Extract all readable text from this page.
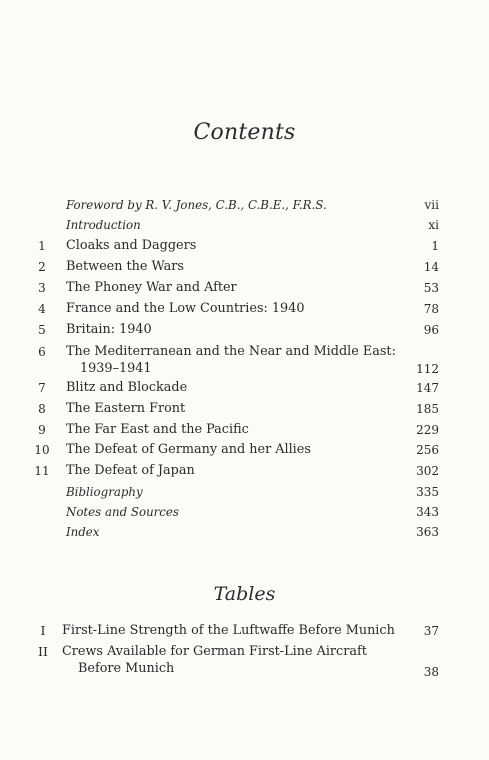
Contents
Foreword by R. V. Jones, C.B., C.B.E., F.R.S.	vii
Introduction	xi
1	Cloaks and Daggers	1
2	Between the Wars	14
3	The Phoney War and After	53
4	France and the Low Countries: 1940	78
5	Britain: 1940	96
6	The Mediterranean and the Near and Middle East:
1939–1941	112
7	Blitz and Blockade	147
8	The Eastern Front	185
9	The Far East and the Pacific	229
10	The Defeat of Germany and her Allies	256
11	The Defeat of Japan	302
Bibliography	335
Notes and Sources	343
Index	363
Tables
I	First-Line Strength of the Luftwaffe Before Munich 37
II	Crews Available for German First-Line Aircraft
Before Munich	38
